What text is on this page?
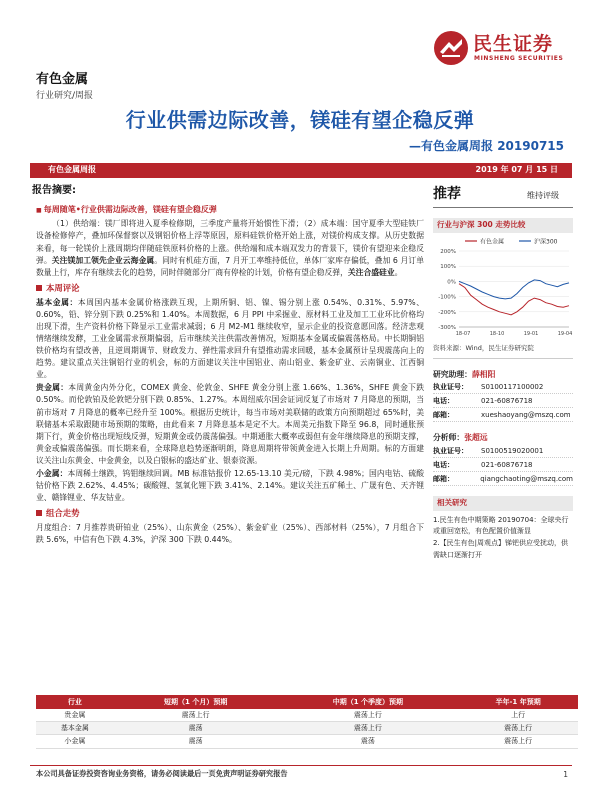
民生证券
MINSHENG SECURITIES
有色金属
行业研究/周报
行业供需边际改善，镁硅有望企稳反弹
—有色金属周报 20190715
有色金属周报	2019 年 07 月 15 日
报告摘要:
■ 每周随笔•行业供需边际改善，镁硅有望企稳反弹

（1）供给端：镁厂即将进入夏季检修期，三季度产量将开始惯性下滑；（2）成本端：国守夏季大型硅铁厂设备检修停产，叠加环保督察以及钢铝价格上浮等原因，原料硅铁价格开始上涨，对镁价构成支撑。从历史数据来看，每一轮镁价上涨周期均伴随硅铁原料价格的上涨。供给端和成本端双发力的背景下，镁价有望迎来企稳反弹。关注镁加工领先企业云海金属。同时有机硅方面，7 月开工率维持低位，单体厂家库存偏低，叠加 6 月订单数量上行，库存有继续去化的趋势，同时伴随部分厂商有停检的计划，价格有望企稳反弹，关注合盛硅业。

本周评论

基本金属：本周国内基本金属价格涨跌互现，上期所铜、铝、镍、锡分别上涨 0.54%、0.31%、5.97%、0.60%，铅、锌分别下跌 0.25%和 1.40%。本周数据，6 月 PPI 中采掘业、原材料工业及加工工业环比价格均出现下滑，生产资料价格下降显示工业需求减弱；6 月 M2-M1 继续收窄，显示企业的投资意愿回落。经济悲观情绪继续发酵，工业金属需求预期偏弱，后市继续关注供需改善情况，短期基本金属或偏震荡格局。中长期铜铝铁价格均有望改善，且逆周期调节、财政发力、弹性需求回升有望推动需求回暖，基本金属预计呈现震荡向上的趋势。建议重点关注铜铝行业的机会，标的方面建议关注中国铝业、南山铝业、紫金矿业、云南铜业、江西铜业。

贵金属：本周黄金内外分化，COMEX 黄金、伦敦金、SHFE 黄金分别上涨 1.66%、1.36%，SHFE 黄金下跌 0.50%。而伦敦铂及伦敦钯分别下跌 0.85%、1.27%。本周纽威尔国会证词反复了市场对 7 月降息的预期，当前市场对 7 月降息的概率已经升至 100%。根据历史统计，每当市场对美联储的政策方向预期超过 65%时，美联储基本采取跟随市场预期的策略，由此看来 7 月降息基本是定不大。本周美元指数下降至 96.8，同时通胀预期下行，黄金价格出现短线反弹，短期黄金或仍震荡偏强。中期通胀大概率或弱但有金年继续降息的预期支撑，黄金或偏震荡偏强。而长期来看，全球降息趋势逐渐明朗，降息周期将带领黄金进入长期上升周期。标的方面建议关注山东黄金、中金黄金，以及白银标的盛达矿业、银泰资源。

小金属：本周稀土继跌，钨钼继续回调。MB 标准钴报价 12.65-13.10 美元/磅，下跌 4.98%；国内电钴、硫酸钴价格下跌 2.62%、4.45%；碳酸锂、氢氧化锂下跌 3.41%、2.14%。建议关注五矿稀土、广晟有色、天齐锂业、赣锋锂业、华友钴业。

组合走势

月度组合：7 月推荐贵研铂业（25%）、山东黄金（25%）、紫金矿业（25%）、西部材料（25%），7 月组合下跌 5.6%，中信有色下跌 4.3%，沪深 300 下跌 0.44%。

推荐	维持评级
行业与沪深 300 走势比较
有色金属	沪深300
200%
100%
0%
-100%
-200%
-300%
18-07	18-10	19-01	19-04
资料来源：Wind，民生证券研究院
研究助理：薛相阳
执业证号：	S0100117100002
电话：	021-60876718
邮箱：	xueshaoyang@mszq.com
分析师：张超远
执业证号：	S0100519020001
电话：	021-60876718
邮箱：	qiangchaoting@mszq.com
相关研究
1.民生有色中期策略 20190704：全球央行或重回宽松，有色配置价值渐显
2.【民生有色|周观点】锑钯供应受扰动，供需缺口逐渐打开
行业	短期（1 个月）预期	中期（1 个季度）预期	半年-1 年预期
贵金属	震荡上行	震荡上行	上行
基本金属	震荡	震荡上行	震荡上行
小金属	震荡	震荡	震荡上行
本公司具备证券投资咨询业务资格，请务必阅读最后一页免责声明证券研究报告	1
